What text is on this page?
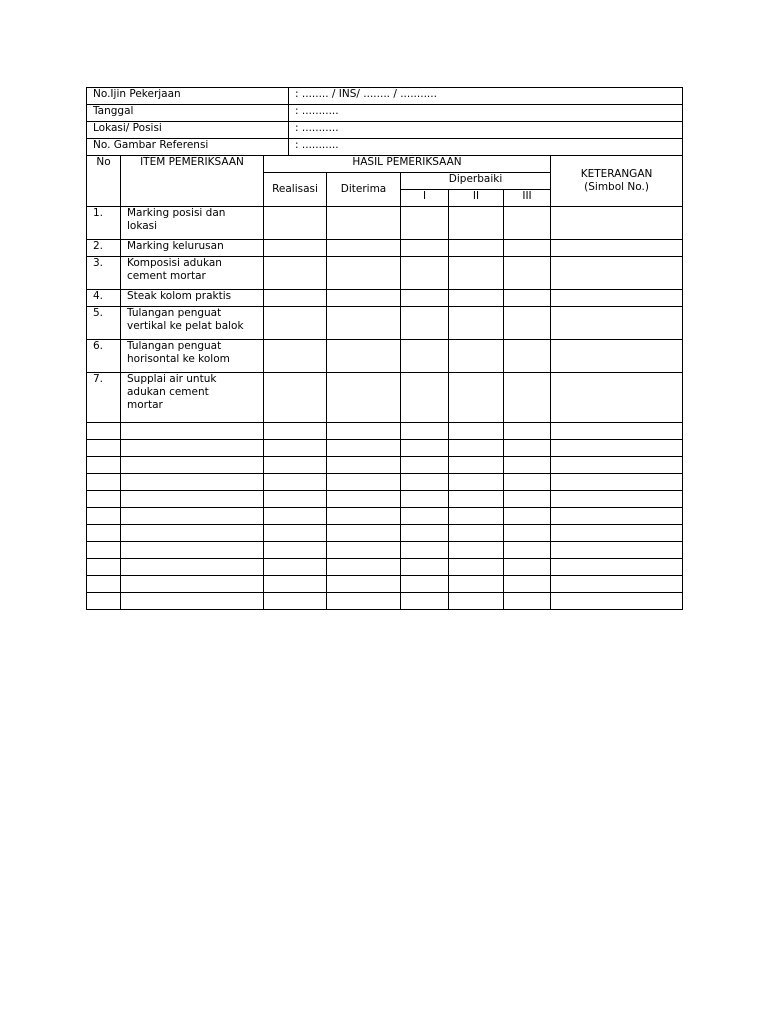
No.Ijin Pekerjaan			: ........ / INS/ ........ / ...........					
Tanggal			: ...........					
Lokasi/ Posisi			: ...........					
No. Gambar Referensi			: ...........					
No	ITEM PEMERIKSAAN	HASIL PEMERIKSAAN						KETERANGAN
(Simbol No.)

		Realisasi		Diterima	Diperbaiki			
					I	II	III	
1.	Marking posisi dan
lokasi							

2.	Marking kelurusan							

3.	Komposisi adukan
cement mortar							

4.	Steak kolom praktis							

5.	Tulangan penguat
vertikal ke pelat balok							

6.	Tulangan penguat
horisontal ke kolom							

7.	Supplai air untuk
adukan cement
mortar							
